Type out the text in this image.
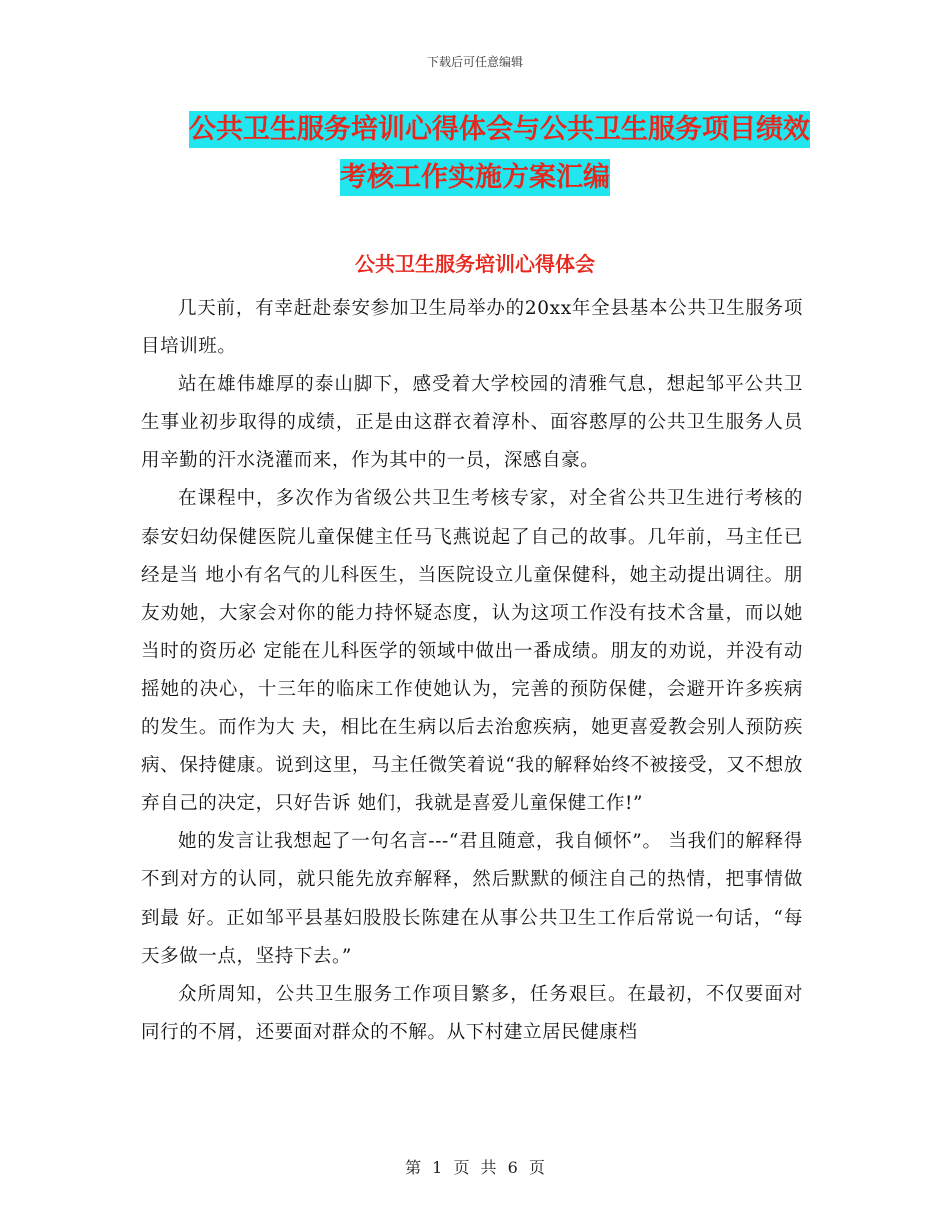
下载后可任意编辑
公共卫生服务培训心得体会与公共卫生服务项目绩效
考核工作实施方案汇编
公共卫生服务培训心得体会

几天前，有幸赶赴泰安参加卫生局举办的20xx年全县基本公共卫生服务项目培训班。

站在雄伟雄厚的泰山脚下，感受着大学校园的清雅气息，想起邹平公共卫生事业初步取得的成绩，正是由这群衣着淳朴、面容憨厚的公共卫生服务人员用辛勤的汗水浇灌而来，作为其中的一员，深感自豪。

在课程中，多次作为省级公共卫生考核专家，对全省公共卫生进行考核的泰安妇幼保健医院儿童保健主任马飞燕说起了自己的故事。几年前，马主任已经是当 地小有名气的儿科医生，当医院设立儿童保健科，她主动提出调往。朋友劝她，大家会对你的能力持怀疑态度，认为这项工作没有技术含量，而以她当时的资历必 定能在儿科医学的领域中做出一番成绩。朋友的劝说，并没有动摇她的决心，十三年的临床工作使她认为，完善的预防保健，会避开许多疾病的发生。而作为大 夫，相比在生病以后去治愈疾病，她更喜爱教会别人预防疾病、保持健康。说到这里，马主任微笑着说“我的解释始终不被接受，又不想放弃自己的决定，只好告诉 她们，我就是喜爱儿童保健工作!”

她的发言让我想起了一句名言---“君且随意，我自倾怀”。 当我们的解释得不到对方的认同，就只能先放弃解释，然后默默的倾注自己的热情，把事情做到最 好。正如邹平县基妇股股长陈建在从事公共卫生工作后常说一句话，“每天多做一点，坚持下去。”

众所周知，公共卫生服务工作项目繁多，任务艰巨。在最初，不仅要面对同行的不屑，还要面对群众的不解。从下村建立居民健康档

第 1 页 共 6 页
